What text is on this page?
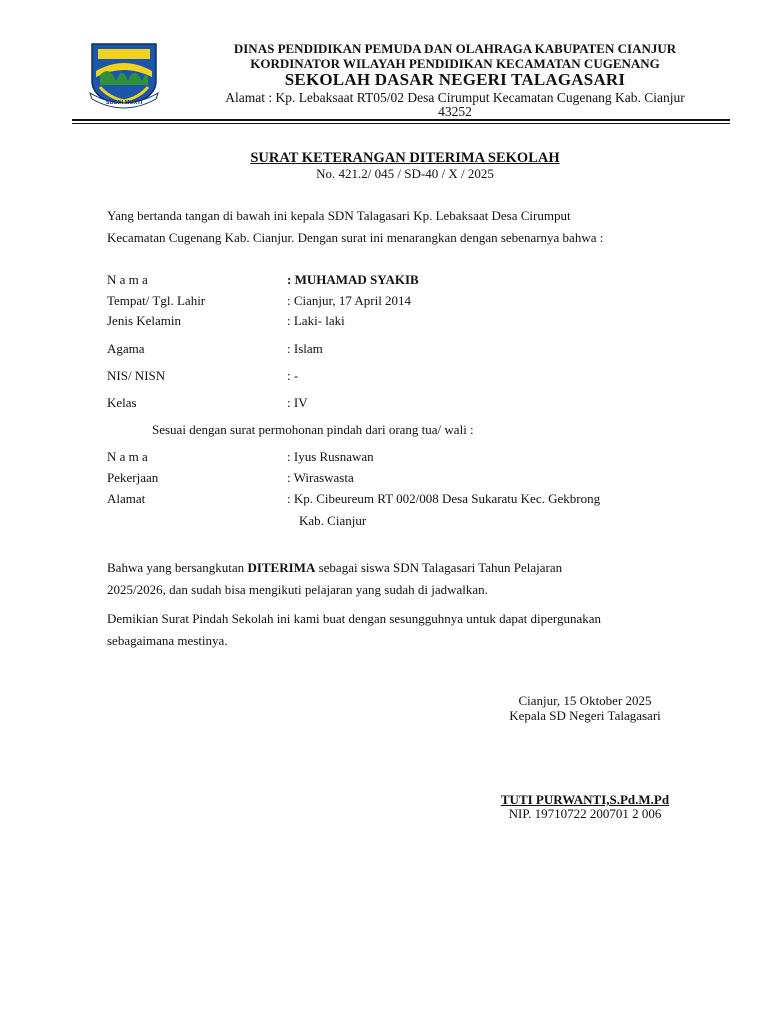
SUGIH MUKTI
DINAS PENDIDIKAN PEMUDA DAN OLAHRAGA KABUPATEN CIANJUR
KORDINATOR WILAYAH PENDIDIKAN KECAMATAN CUGENANG
SEKOLAH DASAR NEGERI TALAGASARI
Alamat : Kp. Lebaksaat RT05/02 Desa Cirumput Kecamatan Cugenang Kab. Cianjur
43252
SURAT KETERANGAN DITERIMA SEKOLAH
No. 421.2/ 045 / SD-40 / X / 2025
Yang bertanda tangan di bawah ini kepala SDN Talagasari Kp. Lebaksaat Desa Cirumput
Kecamatan Cugenang Kab. Cianjur. Dengan surat ini menarangkan dengan sebenarnya bahwa :
N a m a	: MUHAMAD SYAKIB
Tempat/ Tgl. Lahir	: Cianjur, 17 April 2014
Jenis Kelamin	: Laki- laki
Agama	: Islam
NIS/ NISN	: -
Kelas	: IV
Sesuai dengan surat permohonan pindah dari orang tua/ wali :
N a m a	: Iyus Rusnawan
Pekerjaan	: Wiraswasta
Alamat	: Kp. Cibeureum RT 002/008 Desa Sukaratu Kec. Gekbrong
Kab. Cianjur
Bahwa yang bersangkutan DITERIMA sebagai siswa SDN Talagasari Tahun Pelajaran
2025/2026, dan sudah bisa mengikuti pelajaran yang sudah di jadwalkan.
Demikian Surat Pindah Sekolah ini kami buat dengan sesungguhnya untuk dapat dipergunakan
sebagaimana mestinya.
Cianjur, 15 Oktober 2025
Kepala SD Negeri Talagasari
TUTI PURWANTI,S.Pd.M.Pd
NIP. 19710722 200701 2 006
